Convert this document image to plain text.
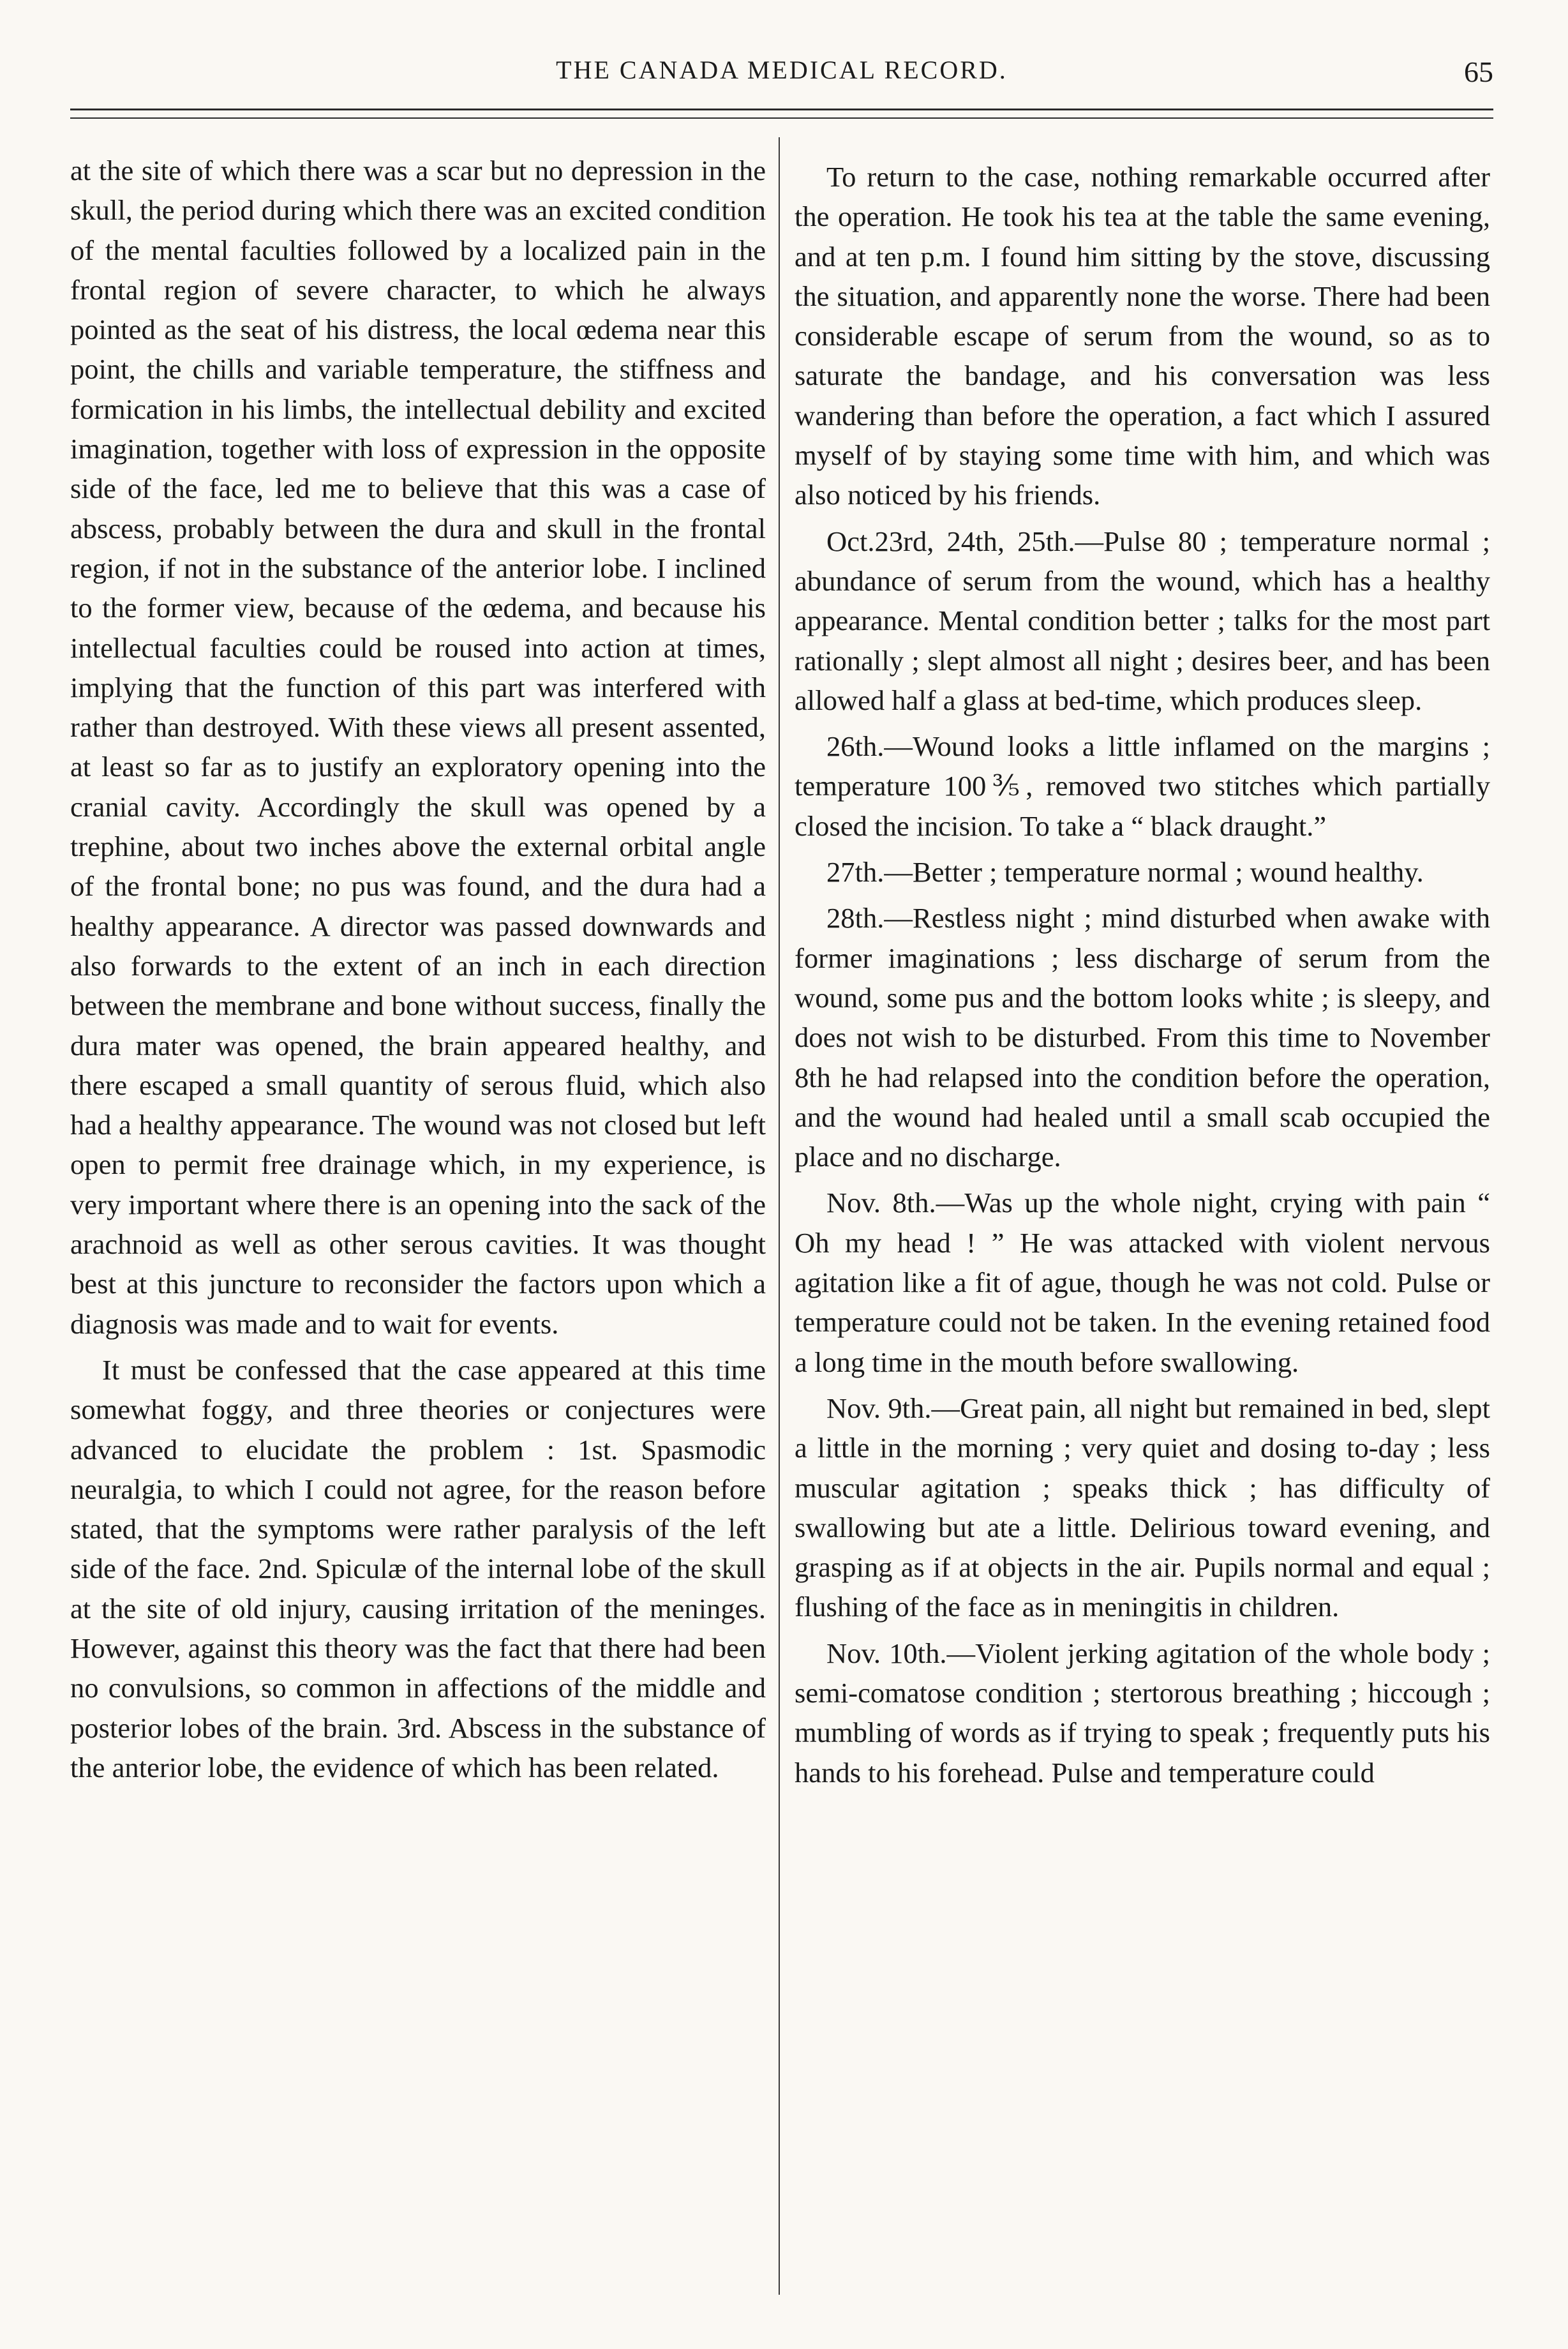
THE CANADA MEDICAL RECORD.	65

at the site of which there was a scar but no depression in the skull, the period during which there was an excited condition of the mental faculties followed by a localized pain in the frontal region of severe character, to which he always pointed as the seat of his distress, the local œdema near this point, the chills and variable temperature, the stiffness and formication in his limbs, the intellectual debility and excited imagination, together with loss of expression in the opposite side of the face, led me to believe that this was a case of abscess, probably between the dura and skull in the frontal region, if not in the substance of the anterior lobe. I inclined to the former view, because of the œdema, and because his intellectual faculties could be roused into action at times, implying that the function of this part was interfered with rather than destroyed. With these views all present assented, at least so far as to justify an exploratory opening into the cranial cavity. Accordingly the skull was opened by a trephine, about two inches above the external orbital angle of the frontal bone; no pus was found, and the dura had a healthy appearance. A director was passed downwards and also forwards to the extent of an inch in each direction between the membrane and bone without success, finally the dura mater was opened, the brain appeared healthy, and there escaped a small quantity of serous fluid, which also had a healthy appearance. The wound was not closed but left open to permit free drainage which, in my experience, is very important where there is an opening into the sack of the arachnoid as well as other serous cavities. It was thought best at this juncture to reconsider the factors upon which a diagnosis was made and to wait for events.

It must be confessed that the case appeared at this time somewhat foggy, and three theories or conjectures were advanced to elucidate the problem : 1st. Spasmodic neuralgia, to which I could not agree, for the reason before stated, that the symptoms were rather paralysis of the left side of the face. 2nd. Spiculæ of the internal lobe of the skull at the site of old injury, causing irritation of the meninges. However, against this theory was the fact that there had been no convulsions, so common in affections of the middle and posterior lobes of the brain. 3rd. Abscess in the substance of the anterior lobe, the evidence of which has been related.

To return to the case, nothing remarkable occurred after the operation. He took his tea at the table the same evening, and at ten p.m. I found him sitting by the stove, discussing the situation, and apparently none the worse. There had been considerable escape of serum from the wound, so as to saturate the bandage, and his conversation was less wandering than before the operation, a fact which I assured myself of by staying some time with him, and which was also noticed by his friends.

Oct.23rd, 24th, 25th.—Pulse 80 ; temperature normal ; abundance of serum from the wound, which has a healthy appearance. Mental condition better ; talks for the most part rationally ; slept almost all night ; desires beer, and has been allowed half a glass at bed-time, which produces sleep.

26th.—Wound looks a little inflamed on the margins ; temperature 100⅗, removed two stitches which partially closed the incision. To take a “ black draught.”

27th.—Better ; temperature normal ; wound healthy.

28th.—Restless night ; mind disturbed when awake with former imaginations ; less discharge of serum from the wound, some pus and the bottom looks white ; is sleepy, and does not wish to be disturbed. From this time to November 8th he had relapsed into the condition before the operation, and the wound had healed until a small scab occupied the place and no discharge.

Nov. 8th.—Was up the whole night, crying with pain “ Oh my head ! ” He was attacked with violent nervous agitation like a fit of ague, though he was not cold. Pulse or temperature could not be taken. In the evening retained food a long time in the mouth before swallowing.

Nov. 9th.—Great pain, all night but remained in bed, slept a little in the morning ; very quiet and dosing to-day ; less muscular agitation ; speaks thick ; has difficulty of swallowing but ate a little. Delirious toward evening, and grasping as if at objects in the air. Pupils normal and equal ; flushing of the face as in meningitis in children.

Nov. 10th.—Violent jerking agitation of the whole body ; semi-comatose condition ; stertorous breathing ; hiccough ; mumbling of words as if trying to speak ; frequently puts his hands to his forehead. Pulse and temperature could
